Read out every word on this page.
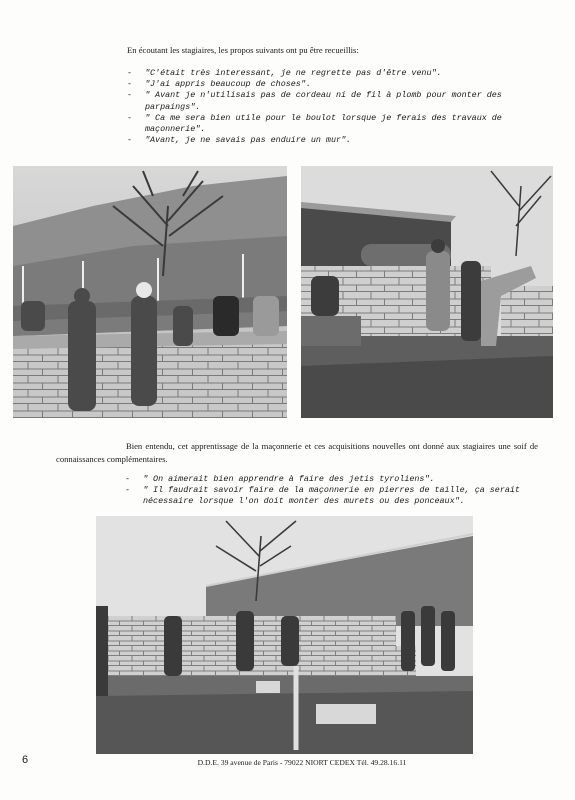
En écoutant les stagiaires, les propos suivants ont pu être recueillis:

- "C'était très interessant, je ne regrette pas d'être venu".
- "J'ai appris beaucoup de choses".
- " Avant je n'utilisais pas de cordeau ni de fil à plomb pour monter des parpaings".
- " Ca me sera bien utile pour le boulot lorsque je ferais des travaux de maçonnerie".
- "Avant, je ne savais pas enduire un mur".

Bien entendu, cet apprentissage de la maçonnerie et ces acquisitions nouvelles ont donné aux stagiaires une soif de connaissances complémentaires.

- " On aimerait bien apprendre à faire des jetis tyroliens".
- " Il faudrait savoir faire de la maçonnerie en pierres de taille, ça serait nécessaire lorsque l'on doit monter des murets ou des ponceaux".
6	D.D.E. 39 avenue de Paris - 79022 NIORT CEDEX Tél. 49.28.16.11
